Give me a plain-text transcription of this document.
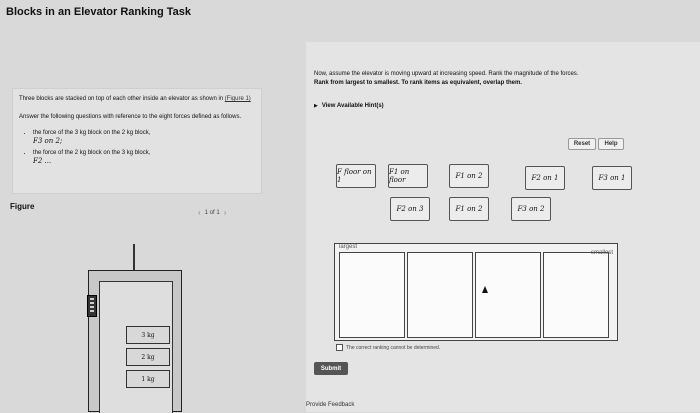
Blocks in an Elevator Ranking Task

Three blocks are stacked on top of each other inside an elevator as shown in (Figure 1)

Answer the following questions with reference to the eight forces defined as follows.

• the force of the 3 kg block on the 2 kg block,
F3 on 2;
• the force of the 2 kg block on the 3 kg block,
F2 ...
Figure
‹ 1 of 1 ›
3 kg
2 kg
1 kg
Now, assume the elevator is moving upward at increasing speed. Rank the magnitude of the forces.
Rank from largest to smallest. To rank items as equivalent, overlap them.
▶ View Available Hint(s)
Reset	Help
F floor on 1
F1 on floor	F1 on 2	F2 on 1	F3 on 1
F2 on 3	F1 on 2	F3 on 2
largest
smallest
The correct ranking cannot be determined.
Submit
Provide Feedback
